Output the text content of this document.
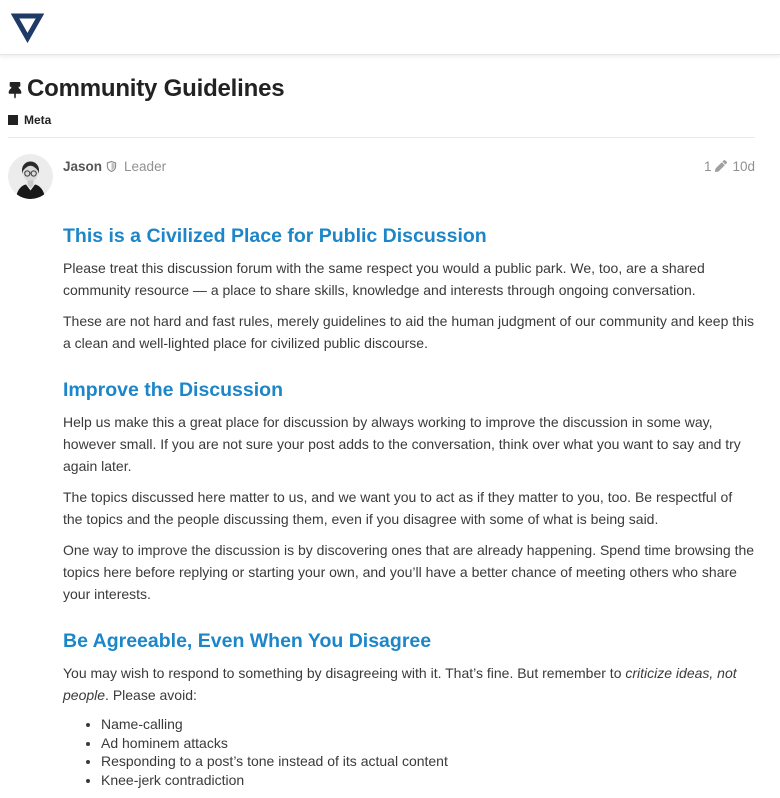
Community Guidelines
Meta
Jason Leader	1 10d
This is a Civilized Place for Public Discussion

Please treat this discussion forum with the same respect you would a public park. We, too, are a shared community resource — a place to share skills, knowledge and interests through ongoing conversation.

These are not hard and fast rules, merely guidelines to aid the human judgment of our community and keep this a clean and well-lighted place for civilized public discourse.

Improve the Discussion

Help us make this a great place for discussion by always working to improve the discussion in some way, however small. If you are not sure your post adds to the conversation, think over what you want to say and try again later.

The topics discussed here matter to us, and we want you to act as if they matter to you, too. Be respectful of the topics and the people discussing them, even if you disagree with some of what is being said.

One way to improve the discussion is by discovering ones that are already happening. Spend time browsing the topics here before replying or starting your own, and you’ll have a better chance of meeting others who share your interests.

Be Agreeable, Even When You Disagree

You may wish to respond to something by disagreeing with it. That’s fine. But remember to criticize ideas, not people. Please avoid:

• Name-calling
• Ad hominem attacks
• Responding to a post’s tone instead of its actual content
• Knee-jerk contradiction
